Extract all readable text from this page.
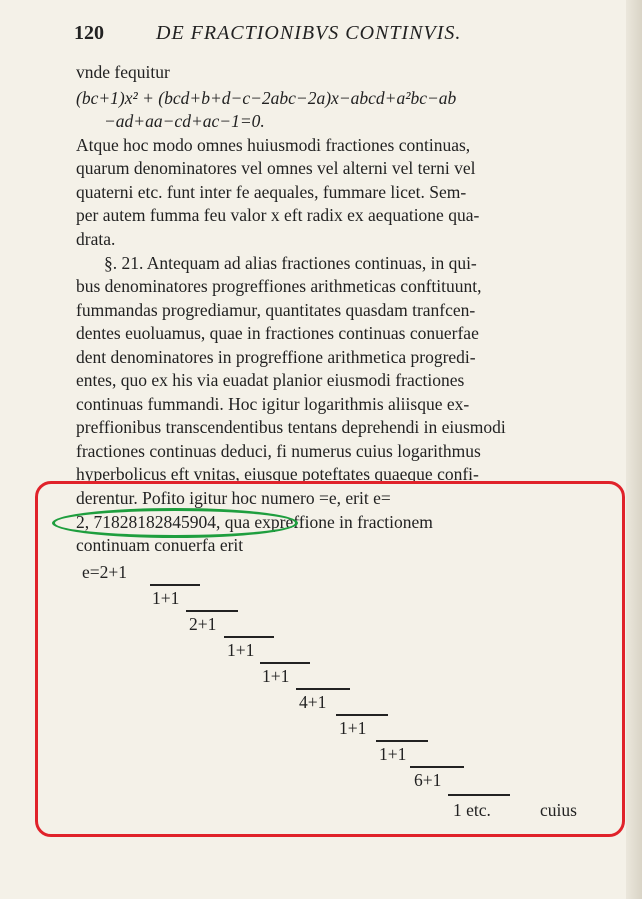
120	DE FRACTIONIBVS CONTINVIS.
vnde fequitur
(bc+1)x² + (bcd+b+d−c−2abc−2a)x−abcd+a²bc−ab
−ad+aa−cd+ac−1=0.
Atque hoc modo omnes huiusmodi fractiones continuas,
quarum denominatores vel omnes vel alterni vel terni vel
quaterni etc. funt inter fe aequales, fummare licet. Sem-
per autem fumma feu valor x eft radix ex aequatione qua-
drata.
§. 21. Antequam ad alias fractiones continuas, in qui-
bus denominatores progreffiones arithmeticas conftituunt,
fummandas progrediamur, quantitates quasdam tranfcen-
dentes euoluamus, quae in fractiones continuas conuerfae
dent denominatores in progreffione arithmetica progredi-
entes, quo ex his via euadat planior eiusmodi fractiones
continuas fummandi. Hoc igitur logarithmis aliisque ex-
preffionibus transcendentibus tentans deprehendi in eiusmodi
fractiones continuas deduci, fi numerus cuius logarithmus
hyperbolicus eft vnitas, eiusque poteftates quaeque confi-
derentur. Pofito igitur hoc numero =e, erit e=
2, 71828182845904, qua expreffione in fractionem
continuam conuerfa erit
e=2+1
1+1
2+1
1+1
1+1
4+1
1+1
1+1
6+1
1 etc.	cuius
